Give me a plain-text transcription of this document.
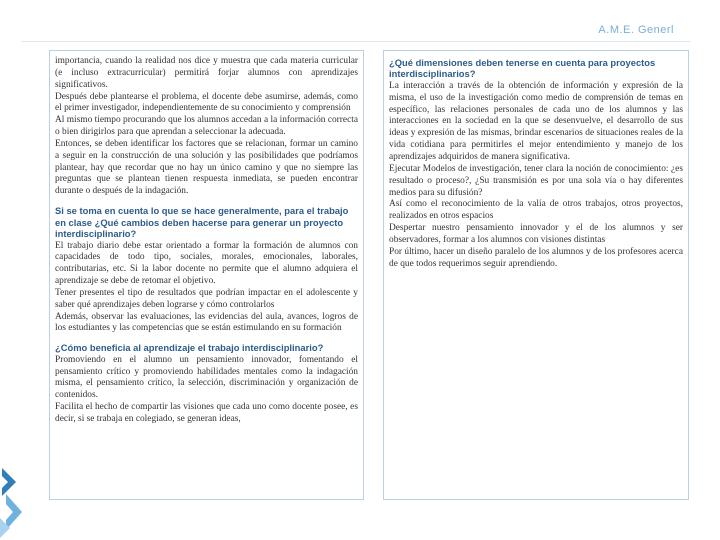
A.M.E. Generl

importancia, cuando la realidad nos dice y muestra que cada materia curricular (e incluso extracurricular) permitirá forjar alumnos con aprendizajes significativos.

Después debe plantearse el problema, el docente debe asumirse, además, como el primer investigador, independientemente de su conocimiento y comprensión

Al mismo tiempo procurando que los alumnos accedan a la información correcta o bien dirigirlos para que aprendan a seleccionar la adecuada.

Entonces, se deben identificar los factores que se relacionan, formar un camino a seguir en la construcción de una solución y las posibilidades que podríamos plantear, hay que recordar que no hay un único camino y que no siempre las preguntas que se plantean tienen respuesta inmediata, se pueden encontrar durante o después de la indagación.

Si se toma en cuenta lo que se hace generalmente, para el trabajo en clase ¿Qué cambios deben hacerse para generar un proyecto interdisciplinario?

El trabajo diario debe estar orientado a formar la formación de alumnos con capacidades de todo tipo, sociales, morales, emocionales, laborales, contributarias, etc. Si la labor docente no permite que el alumno adquiera el aprendizaje se debe de retomar el objetivo.

Tener presentes el tipo de resultados que podrían impactar en el adolescente y saber qué aprendizajes deben lograrse y cómo controlarlos

Además, observar las evaluaciones, las evidencias del aula, avances, logros de los estudiantes y las competencias que se están estimulando en su formación

¿Cómo beneficia al aprendizaje el trabajo interdisciplinario?

Promoviendo en el alumno un pensamiento innovador, fomentando el pensamiento crítico y promoviendo habilidades mentales como la indagación misma, el pensamiento crítico, la selección, discriminación y organización de contenidos.

Facilita el hecho de compartir las visiones que cada uno como docente posee, es decir, si se trabaja en colegiado, se generan ideas,

¿Qué dimensiones deben tenerse en cuenta para proyectos interdisciplinarios?

La interacción a través de la obtención de información y expresión de la misma, el uso de la investigación como medio de comprensión de temas en específico, las relaciones personales de cada uno de los alumnos y las interacciones en la sociedad en la que se desenvuelve, el desarrollo de sus ideas y expresión de las mismas, brindar escenarios de situaciones reales de la vida cotidiana para permitirles el mejor entendimiento y manejo de los aprendizajes adquiridos de manera significativa.

Ejecutar Modelos de investigación, tener clara la noción de conocimiento: ¿es resultado o proceso?, ¿Su transmisión es por una sola vía o hay diferentes medios para su difusión?

Así como el reconocimiento de la valía de otros trabajos, otros proyectos, realizados en otros espacios

Despertar nuestro pensamiento innovador y el de los alumnos y ser observadores, formar a los alumnos con visiones distintas

Por último, hacer un diseño paralelo de los alumnos y de los profesores acerca de que todos requerimos seguir aprendiendo.
